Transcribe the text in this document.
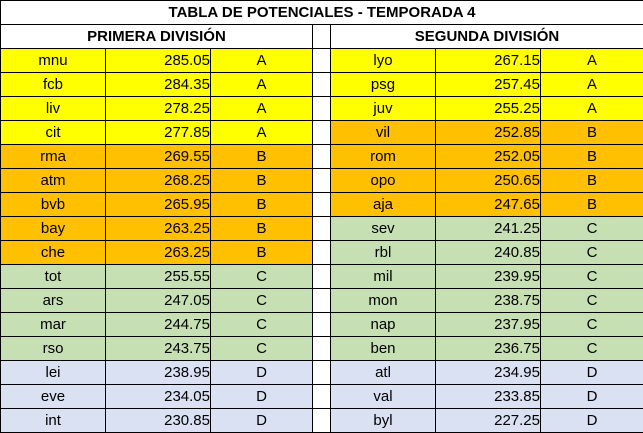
TABLA DE POTENCIALES - TEMPORADA 4						
PRIMERA DIVISIÓN				SEGUNDA DIVISIÓN		
mnu	285.05	A		lyo	267.15	A
fcb	284.35	A		psg	257.45	A
liv	278.25	A		juv	255.25	A
cit	277.85	A		vil	252.85	B
rma	269.55	B		rom	252.05	B
atm	268.25	B		opo	250.65	B
bvb	265.95	B		aja	247.65	B
bay	263.25	B		sev	241.25	C
che	263.25	B		rbl	240.85	C
tot	255.55	C		mil	239.95	C
ars	247.05	C		mon	238.75	C
mar	244.75	C		nap	237.95	C
rso	243.75	C		ben	236.75	C
lei	238.95	D		atl	234.95	D
eve	234.05	D		val	233.85	D
int	230.85	D		byl	227.25	D
